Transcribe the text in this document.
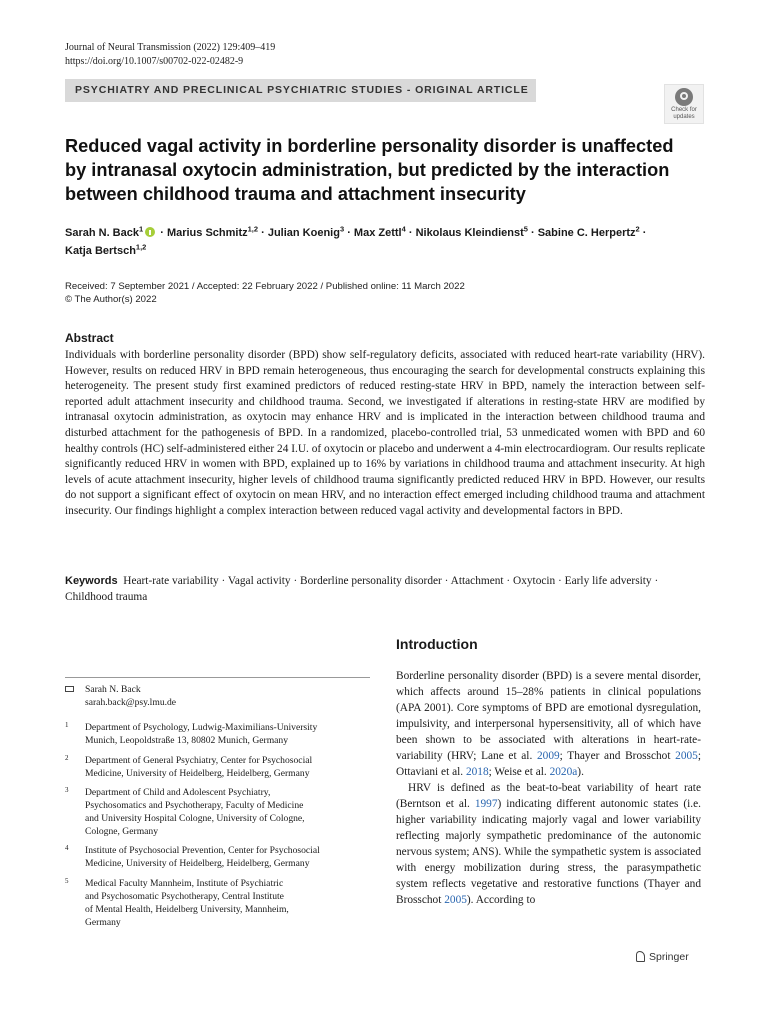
Journal of Neural Transmission (2022) 129:409–419
https://doi.org/10.1007/s00702-022-02482-9
PSYCHIATRY AND PRECLINICAL PSYCHIATRIC STUDIES - ORIGINAL ARTICLE
Check for
updates
Reduced vagal activity in borderline personality disorder is unaffected
by intranasal oxytocin administration, but predicted by the interaction
between childhood trauma and attachment insecurity
Sarah N. Back$^1$ · Marius Schmitz$^{1,2}$ · Julian Koenig$^3$ · Max Zettl$^4$ · Nikolaus Kleindienst$^5$ · Sabine C. Herpertz$^2$ ·
Katja Bertsch$^{1,2}$
Received: 7 September 2021 / Accepted: 22 February 2022 / Published online: 11 March 2022
© The Author(s) 2022
Abstract
Individuals with borderline personality disorder (BPD) show self-regulatory deficits, associated with reduced heart-rate variability (HRV). However, results on reduced HRV in BPD remain heterogeneous, thus encouraging the search for developmental constructs explaining this heterogeneity. The present study first examined predictors of reduced resting-state HRV in BPD, namely the interaction between self-reported adult attachment insecurity and childhood trauma. Second, we investigated if alterations in resting-state HRV are modified by intranasal oxytocin administration, as oxytocin may enhance HRV and is implicated in the interaction between childhood trauma and disturbed attachment for the pathogenesis of BPD. In a randomized, placebo-controlled trial, 53 unmedicated women with BPD and 60 healthy controls (HC) self-administered either 24 I.U. of oxytocin or placebo and underwent a 4-min electrocardiogram. Our results replicate significantly reduced HRV in women with BPD, explained up to 16% by variations in childhood trauma and attachment insecurity. At high levels of acute attachment insecurity, higher levels of childhood trauma significantly predicted reduced HRV in BPD. However, our results do not support a significant effect of oxytocin on mean HRV, and no interaction effect emerged including childhood trauma and attachment insecurity. Our findings highlight a complex interaction between reduced vagal activity and developmental factors in BPD.
Keywords Heart-rate variability · Vagal activity · Borderline personality disorder · Attachment · Oxytocin · Early life adversity · Childhood trauma
Sarah N. Back
sarah.back@psy.lmu.de
1 Department of Psychology, Ludwig-Maximilians-University
Munich, Leopoldstraße 13, 80802 Munich, Germany
2 Department of General Psychiatry, Center for Psychosocial
Medicine, University of Heidelberg, Heidelberg, Germany
3 Department of Child and Adolescent Psychiatry,
Psychosomatics and Psychotherapy, Faculty of Medicine
and University Hospital Cologne, University of Cologne,
Cologne, Germany
4 Institute of Psychosocial Prevention, Center for Psychosocial
Medicine, University of Heidelberg, Heidelberg, Germany
5 Medical Faculty Mannheim, Institute of Psychiatric
and Psychosomatic Psychotherapy, Central Institute
of Mental Health, Heidelberg University, Mannheim,
Germany
Introduction

Borderline personality disorder (BPD) is a severe mental disorder, which affects around 15–28% patients in clinical populations (APA 2001). Core symptoms of BPD are emotional dysregulation, impulsivity, and interpersonal hypersensitivity, all of which have been shown to be associated with alterations in heart-rate-variability (HRV; Lane et al. 2009; Thayer and Brosschot 2005; Ottaviani et al. 2018; Weise et al. 2020a).

HRV is defined as the beat-to-beat variability of heart rate (Berntson et al. 1997) indicating different autonomic states (i.e. higher variability indicating majorly vagal and lower variability reflecting majorly sympathetic predominance of the autonomic nervous system; ANS). While the sympathetic system is associated with energy mobilization during stress, the parasympathetic system reflects vegetative and restorative functions (Thayer and Brosschot 2005). According to

Springer
